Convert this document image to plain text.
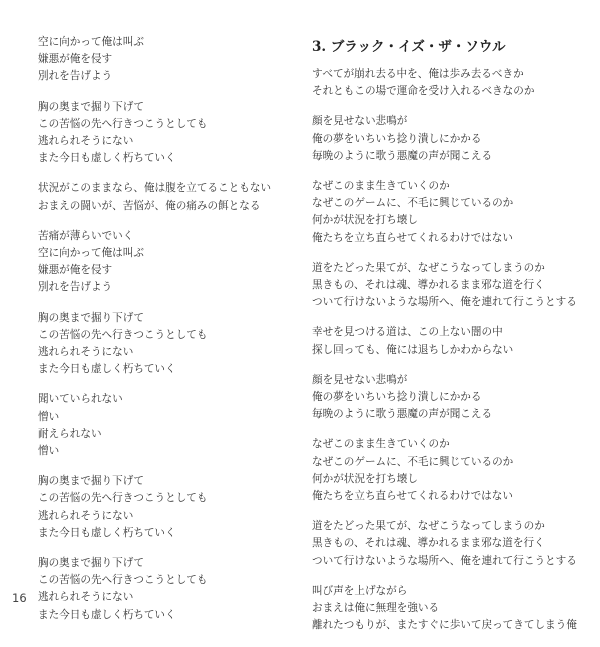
空に向かって俺は叫ぶ
嫌悪が俺を侵す
別れを告げよう
胸の奥まで掘り下げて
この苦悩の先へ行きつこうとしても
逃れられそうにない
また今日も虚しく朽ちていく
状況がこのままなら、俺は腹を立てることもない
おまえの闘いが、苦悩が、俺の痛みの餌となる
苦痛が薄らいでいく
空に向かって俺は叫ぶ
嫌悪が俺を侵す
別れを告げよう
胸の奥まで掘り下げて
この苦悩の先へ行きつこうとしても
逃れられそうにない
また今日も虚しく朽ちていく
聞いていられない
憎い
耐えられない
憎い
胸の奥まで掘り下げて
この苦悩の先へ行きつこうとしても
逃れられそうにない
また今日も虚しく朽ちていく
胸の奥まで掘り下げて
この苦悩の先へ行きつこうとしても
逃れられそうにない
また今日も虚しく朽ちていく
3. ブラック・イズ・ザ・ソウル
すべてが崩れ去る中を、俺は歩み去るべきか
それともこの場で運命を受け入れるべきなのか
顔を見せない悲鳴が
俺の夢をいちいち捻り潰しにかかる
毎晩のように歌う悪魔の声が聞こえる
なぜこのまま生きていくのか
なぜこのゲームに、不毛に興じているのか
何かが状況を打ち壊し
俺たちを立ち直らせてくれるわけではない
道をたどった果てが、なぜこうなってしまうのか
黒きもの、それは魂、導かれるまま邪な道を行く
ついて行けないような場所へ、俺を連れて行こうとする
幸せを見つける道は、この上ない闇の中
探し回っても、俺には退ちしかわからない
顔を見せない悲鳴が
俺の夢をいちいち捻り潰しにかかる
毎晩のように歌う悪魔の声が聞こえる
なぜこのまま生きていくのか
なぜこのゲームに、不毛に興じているのか
何かが状況を打ち壊し
俺たちを立ち直らせてくれるわけではない
道をたどった果てが、なぜこうなってしまうのか
黒きもの、それは魂、導かれるまま邪な道を行く
ついて行けないような場所へ、俺を連れて行こうとする
叫び声を上げながら
おまえは俺に無理を強いる
離れたつもりが、またすぐに歩いて戻ってきてしまう俺
16
